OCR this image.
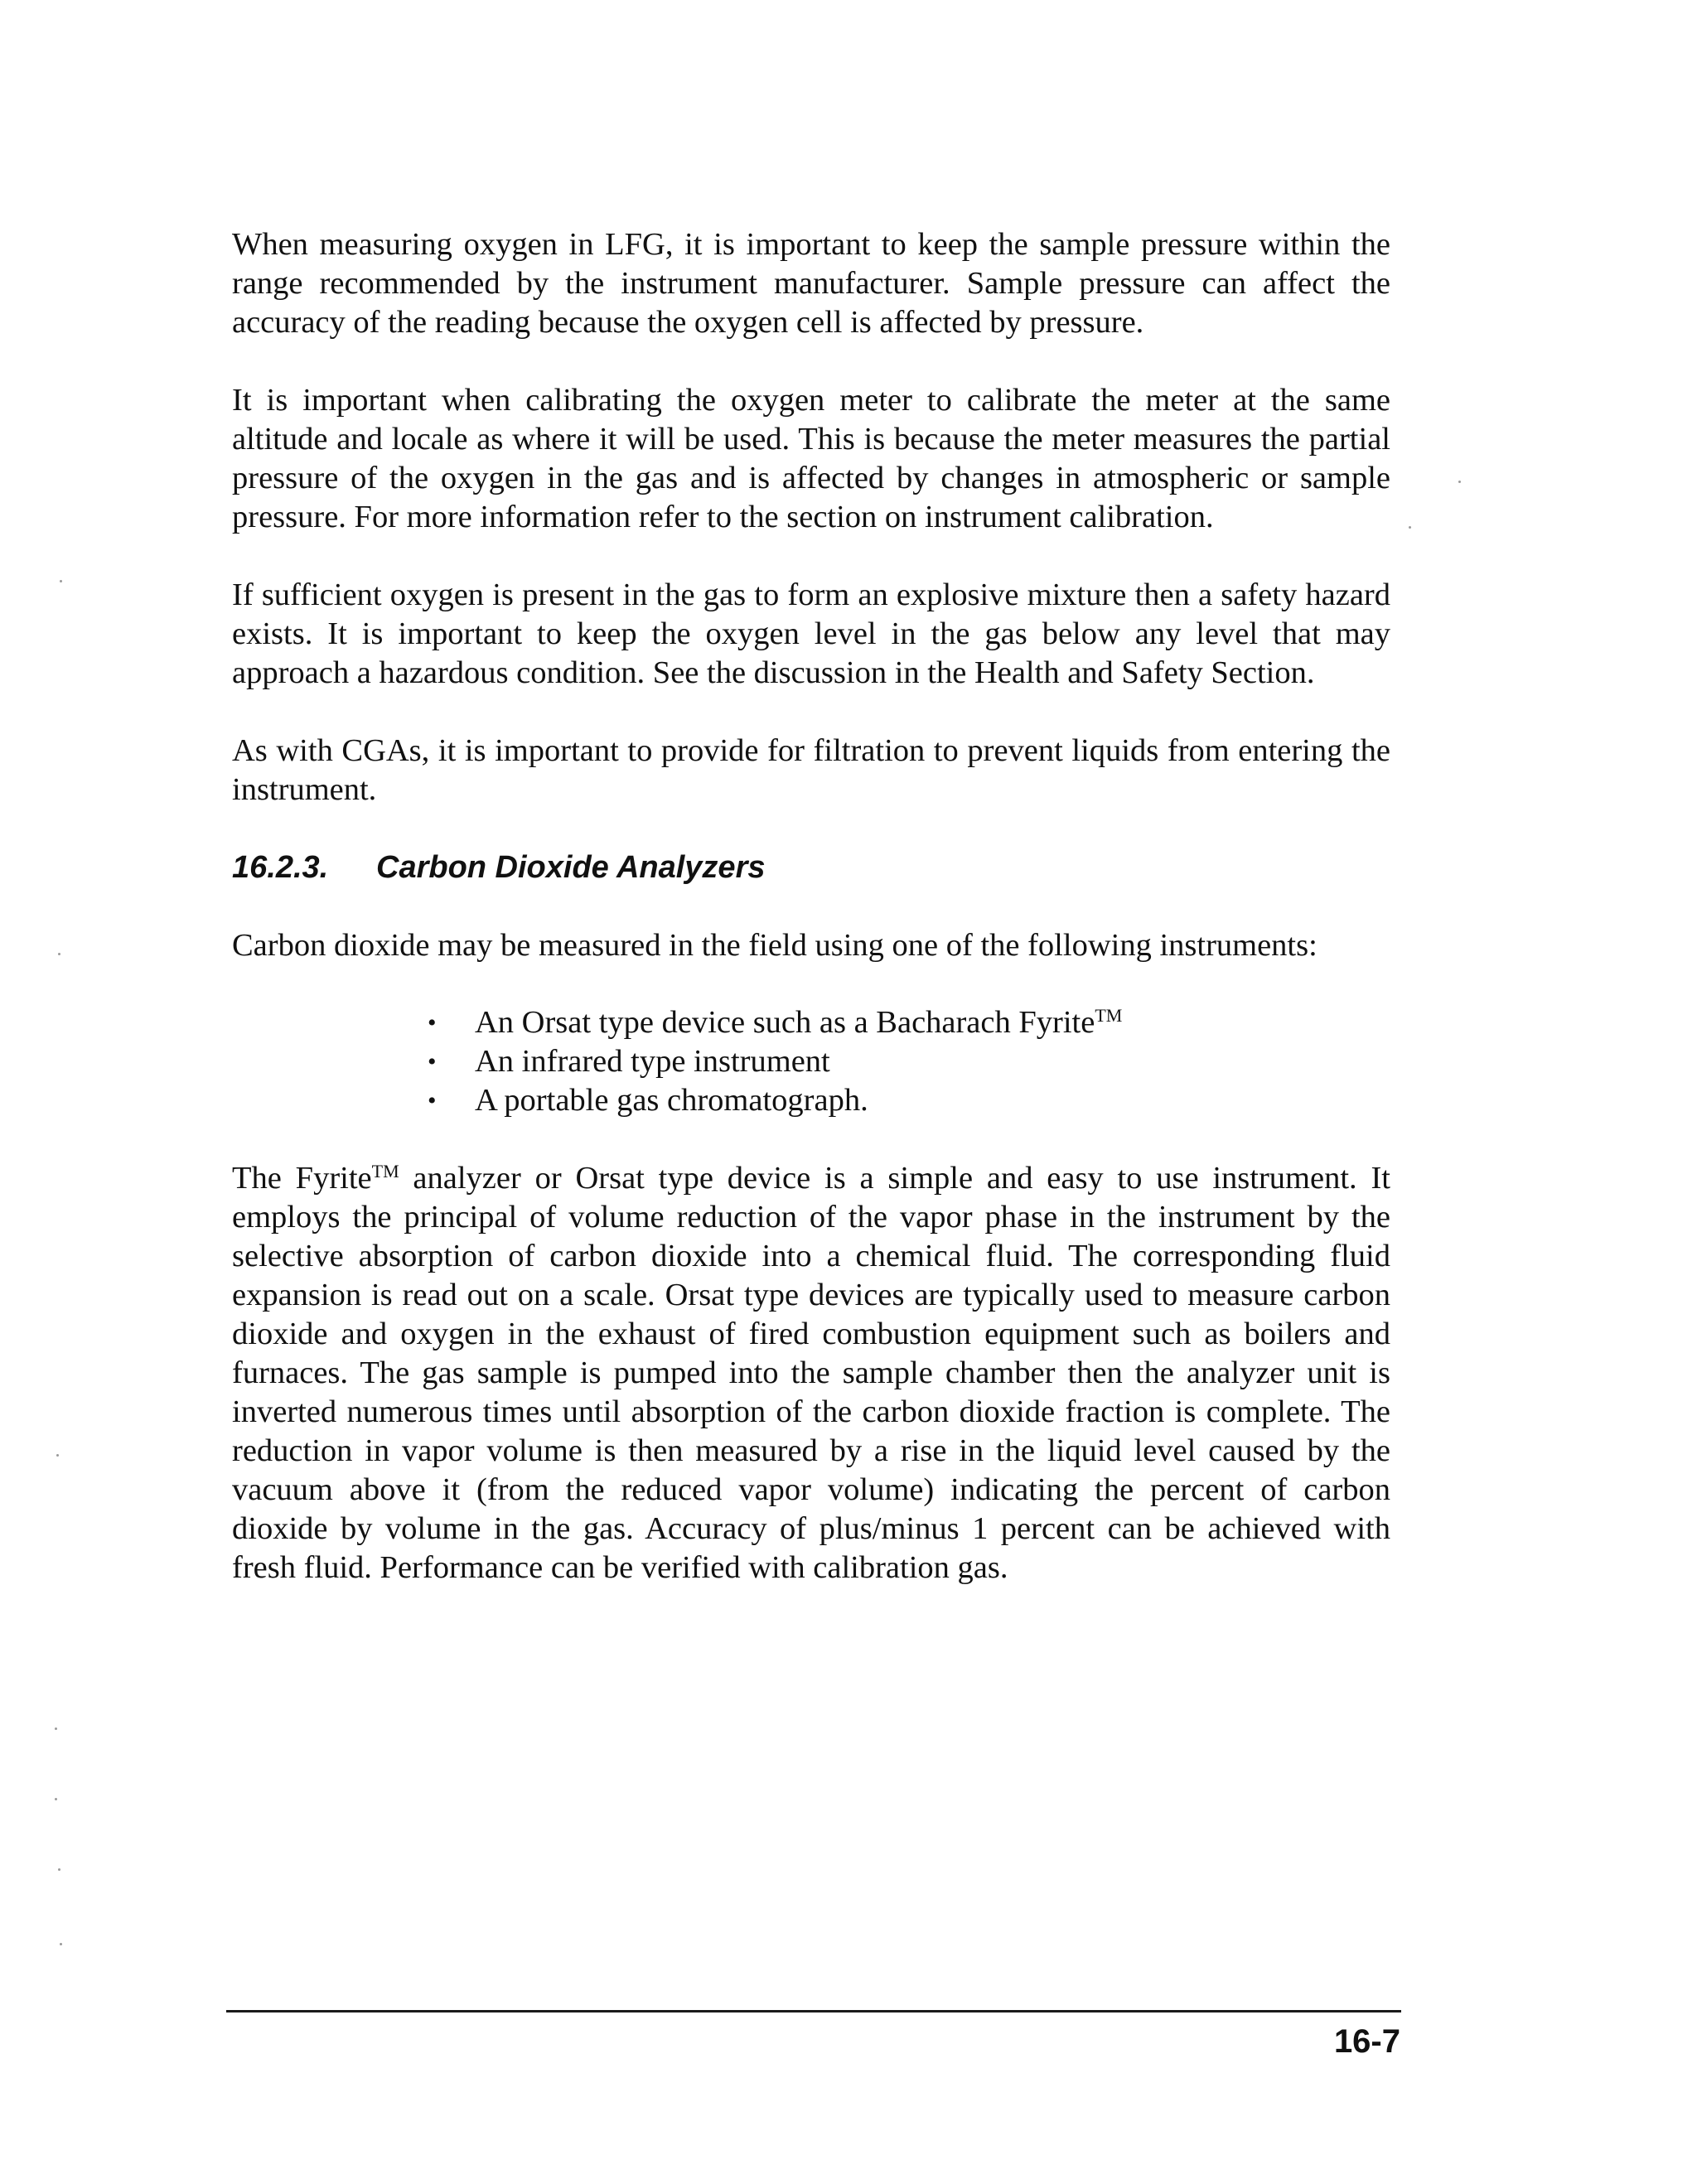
When measuring oxygen in LFG, it is important to keep the sample pressure within the range recommended by the instrument manufacturer. Sample pressure can affect the accuracy of the reading because the oxygen cell is affected by pressure.

It is important when calibrating the oxygen meter to calibrate the meter at the same altitude and locale as where it will be used. This is because the meter measures the partial pressure of the oxygen in the gas and is affected by changes in atmospheric or sample pressure. For more information refer to the section on instrument calibration.

If sufficient oxygen is present in the gas to form an explosive mixture then a safety hazard exists. It is important to keep the oxygen level in the gas below any level that may approach a hazardous condition. See the discussion in the Health and Safety Section.

As with CGAs, it is important to provide for filtration to prevent liquids from entering the instrument.

16.2.3.	Carbon Dioxide Analyzers

Carbon dioxide may be measured in the field using one of the following instruments:

• An Orsat type device such as a Bacharach Fyrite™
• An infrared type instrument
• A portable gas chromatograph.

The Fyrite™ analyzer or Orsat type device is a simple and easy to use instrument. It employs the principal of volume reduction of the vapor phase in the instrument by the selective absorption of carbon dioxide into a chemical fluid. The corresponding fluid expansion is read out on a scale. Orsat type devices are typically used to measure carbon dioxide and oxygen in the exhaust of fired combustion equipment such as boilers and furnaces. The gas sample is pumped into the sample chamber then the analyzer unit is inverted numerous times until absorption of the carbon dioxide fraction is complete. The reduction in vapor volume is then measured by a rise in the liquid level caused by the vacuum above it (from the reduced vapor volume) indicating the percent of carbon dioxide by volume in the gas. Accuracy of plus/minus 1 percent can be achieved with fresh fluid. Performance can be verified with calibration gas.

16-7
